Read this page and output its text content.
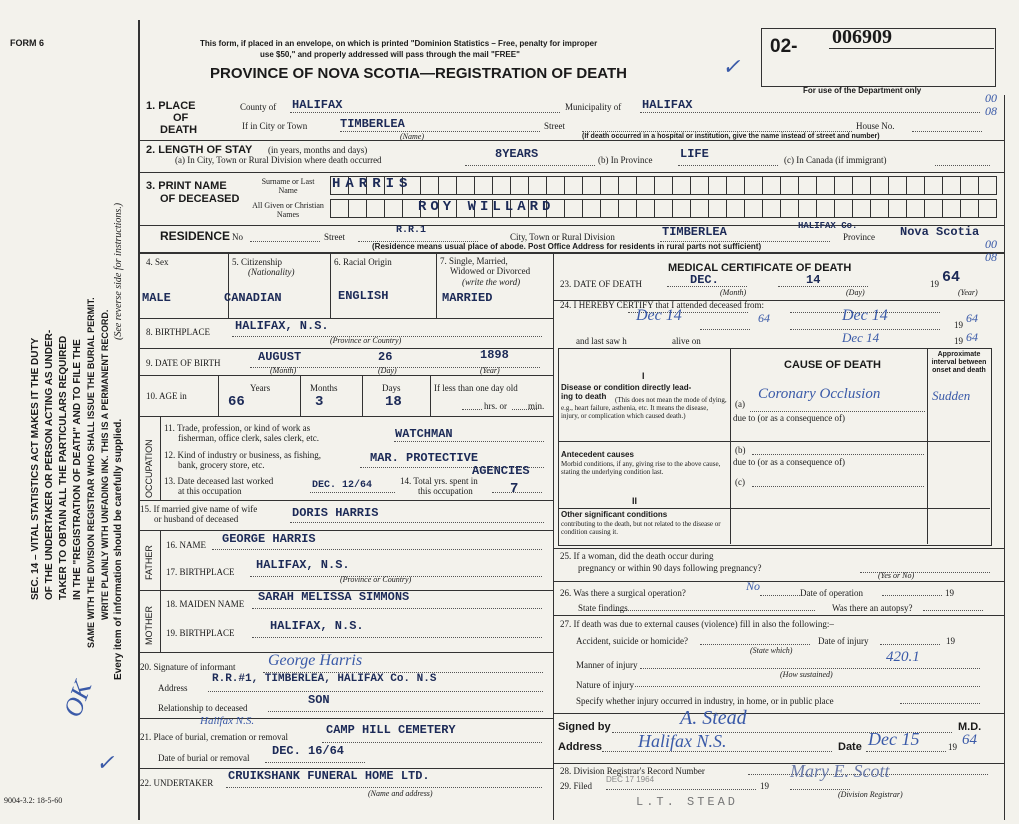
FORM 6	This form, if placed in an envelope, on which is printed "Dominion Statistics – Free, penalty for improper
use $50," and properly addressed will pass through the mail "FREE"
PROVINCE OF NOVA SCOTIA—REGISTRATION OF DEATH
02- 006909
For use of the Department only
00 08
00 08
✓
SEC. 14 – VITAL STATISTICS ACT MAKES IT THE DUTY OF THE UNDERTAKER OR PERSON ACTING AS UNDER- TAKER TO OBTAIN ALL THE PARTICULARS REQUIRED IN THE "REGISTRATION OF DEATH" AND TO FILE THE SAME WITH THE DIVISION REGISTRAR WHO SHALL ISSUE THE BURIAL PERMIT. WRITE PLAINLY WITH UNFADING INK. THIS IS A PERMANENT RECORD. Every item of information should be carefully supplied.
(See reverse side for instructions.)
OK
✓
1. PLACE
OF
DEATH
County of HALIFAX	Municipality of HALIFAX
If in City or Town	TIMBERLEA
(Name)
Street	House No.
(If death occurred in a hospital or institution, give the name instead of street and number)
2. LENGTH OF STAY (in years, months and days)
(a) In City, Town or Rural Division where death occurred	8YEARS	(b) In Province LIFE	(c) In Canada (if immigrant)
3. PRINT NAME
OF DECEASED
Surname or Last Name
All Given or Christian Names
HARRIS
ROY WILLARD
RESIDENCE No	Street
R.R.1
City, Town or Rural Division	TIMBERLEA	HALIFAX Co.
Province Nova Scotia
(Residence means usual place of abode. Post Office Address for residents in rural parts not sufficient)
4. Sex
MALE
5. Citizenship
(Nationality)
CANADIAN
6. Racial Origin
ENGLISH
7. Single, Married,
Widowed or Divorced
(write the word)
MARRIED
8. BIRTHPLACE HALIFAX, N.S.
(Province or Country)
9. DATE OF BIRTH	AUGUST	26	1898
(Month)	(Day)	(Year)
10. AGE in
Years	Months	Days
66	3	18
If less than one day old
hrs. or min.
OCCUPATION
11. Trade, profession, or kind of work as
fisherman, office clerk, sales clerk, etc.	WATCHMAN
12. Kind of industry or business, as fishing,
bank, grocery store, etc.	MAR. PROTECTIVE
AGENCIES
13. Date deceased last worked
at this occupation	DEC. 12/64	14. Total yrs. spent in
this occupation	7
15. If married give name of wife
or husband of deceased	DORIS HARRIS
FATHER
16. NAME GEORGE HARRIS
17. BIRTHPLACE HALIFAX, N.S.
(Province or Country)
MOTHER
18. MAIDEN NAME SARAH MELISSA SIMMONS
19. BIRTHPLACE	HALIFAX, N.S.
20. Signature of informant George Harris
Address
R.R.#1, TIMBERLEA, HALIFAX Co. N.S
Relationship to deceased
SON
21. Place of burial, cremation or removal
Halifax N.S.
CAMP HILL CEMETERY
Date of burial or removal DEC. 16/64
22. UNDERTAKER CRUIKSHANK FUNERAL HOME LTD.
(Name and address)
9004-3.2: 18-5-60
MEDICAL CERTIFICATE OF DEATH
23. DATE OF DEATH	DEC.	14	19 64
(Month)	(Day)	(Year)
24. I HEREBY CERTIFY that I attended deceased from:
Dec 14	64	Dec 14
19 64
and last saw h	alive on	Dec 14	19 64
CAUSE OF DEATH
Approximate interval between onset and death
I
Disease or condition directly lead-
ing to death	(This does not mean the mode of dying, e.g., heart failure, asthenia, etc. It means the disease, injury, or complication which caused death.)
(a)
Coronary Occlusion	Sudden
due to (or as a consequence of)
Antecedent causes
Morbid conditions, if any, giving rise to the above cause, stating the underlying condition last.
(b)
due to (or as a consequence of)
(c)
II
Other significant conditions
contributing to the death, but not related to the disease or condition causing it.
25. If a woman, did the death occur during
pregnancy or within 90 days following pregnancy?
(Yes or No)
26. Was there a surgical operation?	No	Date of operation	19
State findings	Was there an autopsy?
27. If death was due to external causes (violence) fill in also the following:–
Accident, suicide or homicide?	Date of injury	19
(State which)
Manner of injury	420.1
(How sustained)
Nature of injury
Specify whether injury occurred in industry, in home, or in public place
Signed by	A. Stead	M.D.
Address Halifax N.S.	Date Dec 15	19 64
28. Division Registrar's Record Number
29. Filed
DEC 17 1964
19
Mary E. Scott
(Division Registrar)
L.T. STEAD
